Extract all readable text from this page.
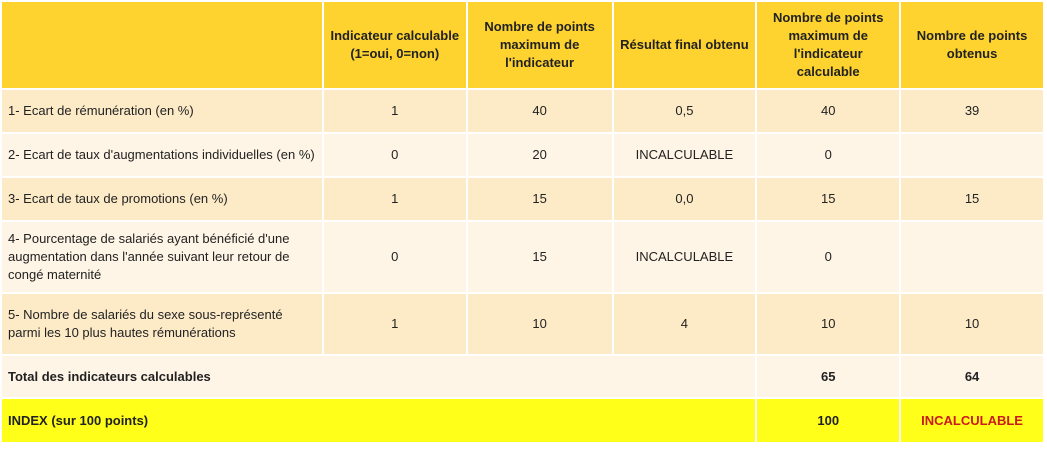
	Indicateur calculable (1=oui, 0=non)	Nombre de points maximum de l'indicateur	Résultat final obtenu	Nombre de points maximum de l'indicateur calculable	Nombre de points obtenus
1- Ecart de rémunération (en %)	1	40	0,5	40	39
2- Ecart de taux d'augmentations individuelles (en %)	0	20	INCALCULABLE	0	
3- Ecart de taux de promotions (en %)	1	15	0,0	15	15
4- Pourcentage de salariés ayant bénéficié d'une augmentation dans l'année suivant leur retour de congé maternité	0	15	INCALCULABLE	0	
5- Nombre de salariés du sexe sous-représenté parmi les 10 plus hautes rémunérations	1	10	4	10	10
Total des indicateurs calculables				65	64
INDEX (sur 100 points)				100	INCALCULABLE
